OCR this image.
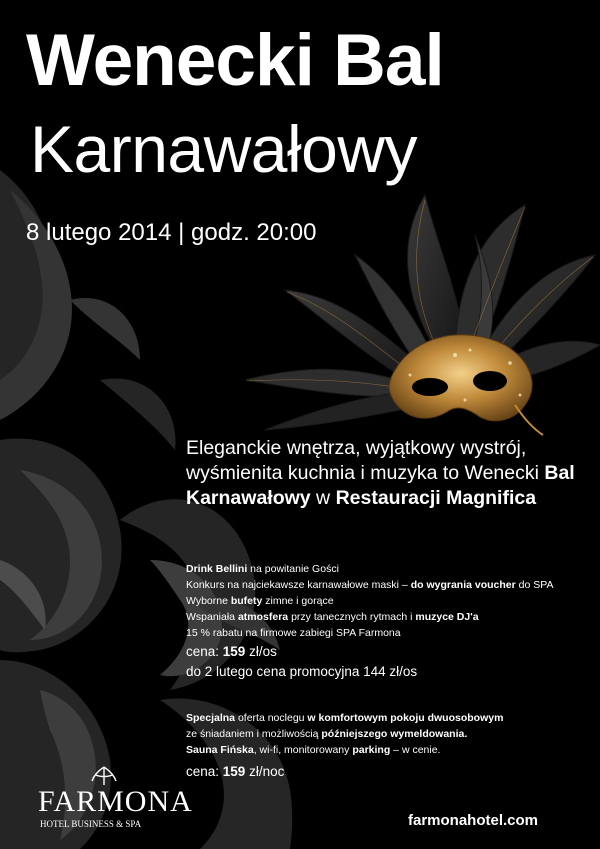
Wenecki Bal
Karnawałowy
8 lutego 2014 | godz. 20:00
Eleganckie wnętrza, wyjątkowy wystrój, wyśmienita kuchnia i muzyka to Wenecki Bal Karnawałowy w Restauracji Magnifica
Drink Bellini na powitanie Gości
Konkurs na najciekawsze karnawałowe maski – do wygrania voucher do SPA
Wyborne bufety zimne i gorące
Wspaniała atmosfera przy tanecznych rytmach i muzyce DJ'a
15 % rabatu na firmowe zabiegi SPA Farmona
cena: 159 zł/os
do 2 lutego cena promocyjna 144 zł/os
Specjalna oferta noclegu w komfortowym pokoju dwuosobowym
ze śniadaniem i możliwością późniejszego wymeldowania.
Sauna Fińska, wi-fi, monitorowany parking – w cenie.
cena: 159 zł/noc
FARMONA
HOTEL BUSINESS & SPA	farmonahotel.com
